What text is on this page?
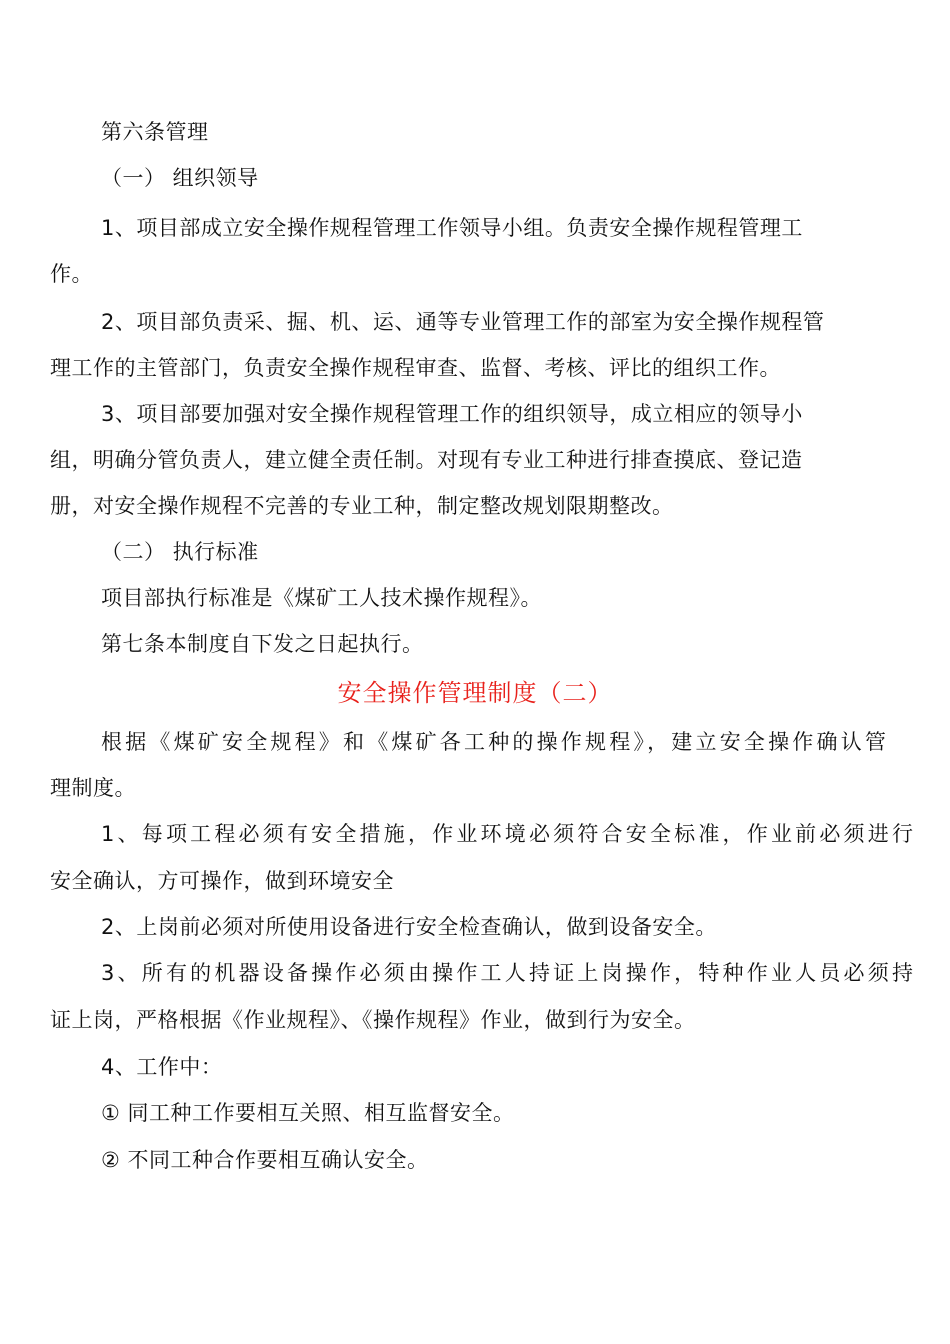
第六条管理
（一） 组织领导
1、项目部成立安全操作规程管理工作领导小组。负责安全操作规程管理工
作。
2、项目部负责采、掘、机、运、通等专业管理工作的部室为安全操作规程管
理工作的主管部门，负责安全操作规程审查、监督、考核、评比的组织工作。
3、项目部要加强对安全操作规程管理工作的组织领导，成立相应的领导小
组，明确分管负责人，建立健全责任制。对现有专业工种进行排查摸底、登记造
册，对安全操作规程不完善的专业工种，制定整改规划限期整改。
（二） 执行标准
项目部执行标准是《煤矿工人技术操作规程》。
第七条本制度自下发之日起执行。
安全操作管理制度（二）
根据《煤矿安全规程》和《煤矿各工种的操作规程》，建立安全操作确认管
理制度。
1、每项工程必须有安全措施，作业环境必须符合安全标准，作业前必须进行
安全确认，方可操作，做到环境安全
2、上岗前必须对所使用设备进行安全检查确认，做到设备安全。
3、所有的机器设备操作必须由操作工人持证上岗操作，特种作业人员必须持
证上岗，严格根据《作业规程》、《操作规程》作业，做到行为安全。
4、工作中：
① 同工种工作要相互关照、相互监督安全。
② 不同工种合作要相互确认安全。
